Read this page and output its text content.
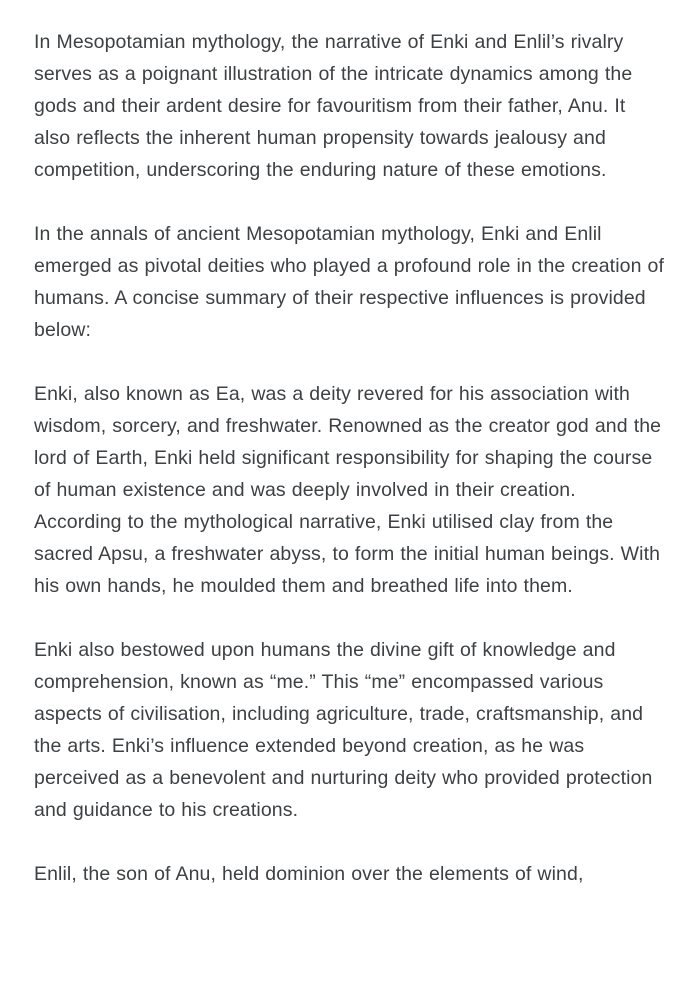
In Mesopotamian mythology, the narrative of Enki and Enlil’s rivalry serves as a poignant illustration of the intricate dynamics among the gods and their ardent desire for favouritism from their father, Anu. It also reflects the inherent human propensity towards jealousy and competition, underscoring the enduring nature of these emotions.

In the annals of ancient Mesopotamian mythology, Enki and Enlil emerged as pivotal deities who played a profound role in the creation of humans. A concise summary of their respective influences is provided below:

Enki, also known as Ea, was a deity revered for his association with wisdom, sorcery, and freshwater. Renowned as the creator god and the lord of Earth, Enki held significant responsibility for shaping the course of human existence and was deeply involved in their creation. According to the mythological narrative, Enki utilised clay from the sacred Apsu, a freshwater abyss, to form the initial human beings. With his own hands, he moulded them and breathed life into them.

Enki also bestowed upon humans the divine gift of knowledge and comprehension, known as “me.” This “me” encompassed various aspects of civilisation, including agriculture, trade, craftsmanship, and the arts. Enki’s influence extended beyond creation, as he was perceived as a benevolent and nurturing deity who provided protection and guidance to his creations.

Enlil, the son of Anu, held dominion over the elements of wind,
